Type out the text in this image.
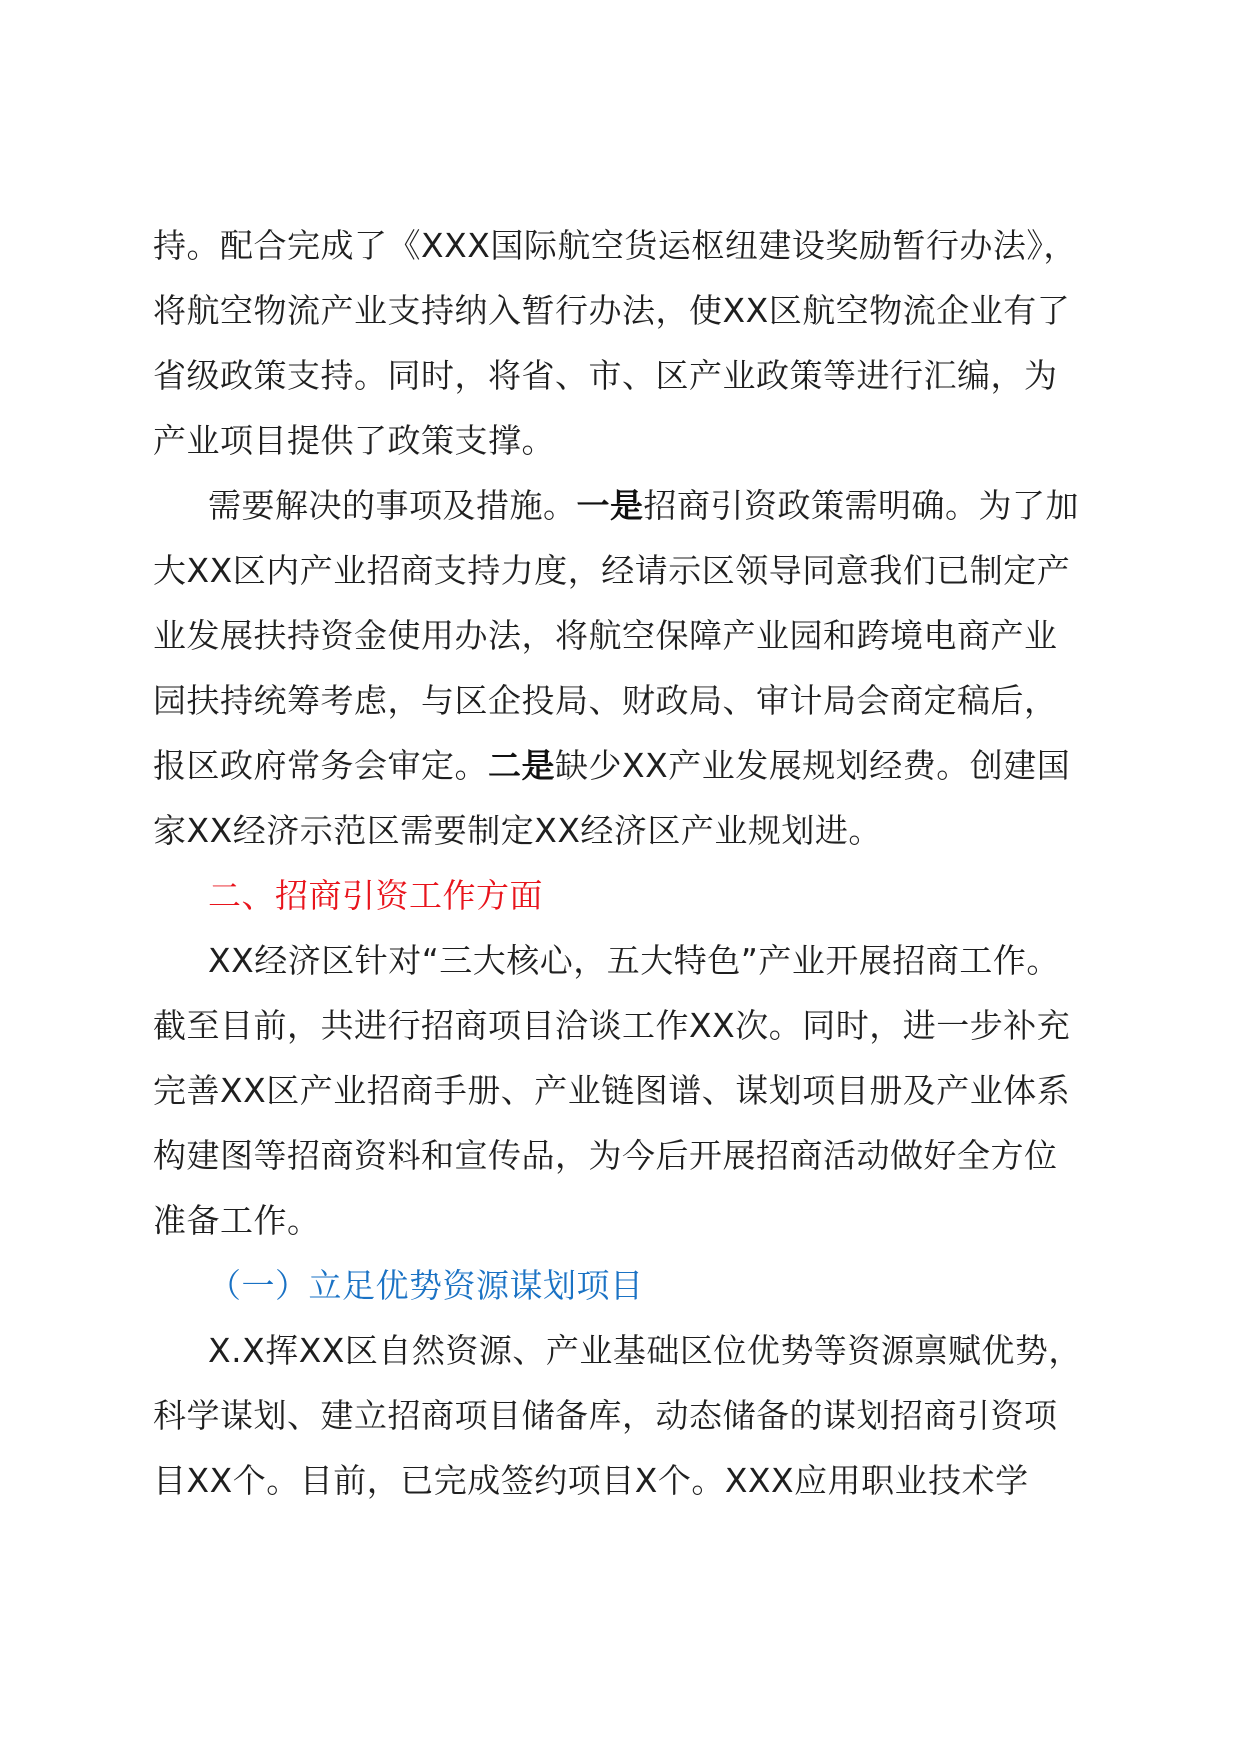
持。配合完成了《XXX国际航空货运枢纽建设奖励暂行办法》，
将航空物流产业支持纳入暂行办法，使XX区航空物流企业有了
省级政策支持。同时，将省、市、区产业政策等进行汇编，为
产业项目提供了政策支撑。
需要解决的事项及措施。一是招商引资政策需明确。为了加
大XX区内产业招商支持力度，经请示区领导同意我们已制定产
业发展扶持资金使用办法，将航空保障产业园和跨境电商产业
园扶持统筹考虑，与区企投局、财政局、审计局会商定稿后，
报区政府常务会审定。二是缺少XX产业发展规划经费。创建国
家XX经济示范区需要制定XX经济区产业规划进。
二、招商引资工作方面
XX经济区针对“三大核心，五大特色”产业开展招商工作。
截至目前，共进行招商项目洽谈工作XX次。同时，进一步补充
完善XX区产业招商手册、产业链图谱、谋划项目册及产业体系
构建图等招商资料和宣传品，为今后开展招商活动做好全方位
准备工作。
（一）立足优势资源谋划项目
X.X挥XX区自然资源、产业基础区位优势等资源禀赋优势，
科学谋划、建立招商项目储备库，动态储备的谋划招商引资项
目XX个。目前，已完成签约项目X个。XXX应用职业技术学
